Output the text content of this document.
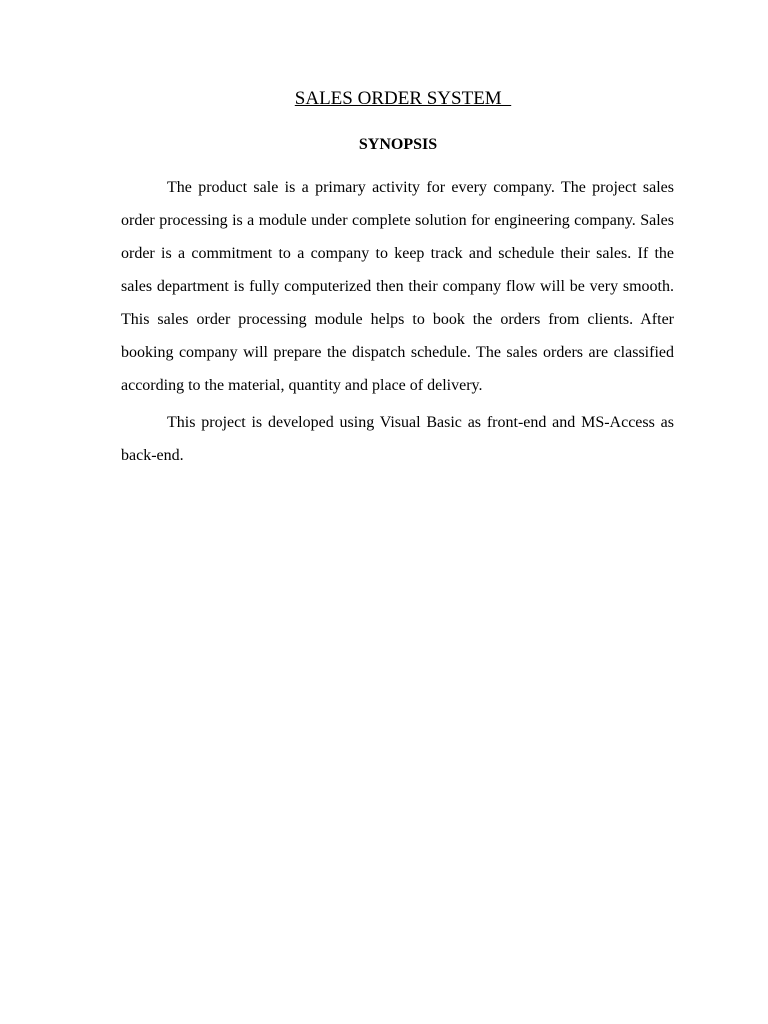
SALES ORDER SYSTEM
SYNOPSIS

The product sale is a primary activity for every company. The project sales order processing is a module under complete solution for engineering company. Sales order is a commitment to a company to keep track and schedule their sales. If the sales department is fully computerized then their company flow will be very smooth. This sales order processing module helps to book the orders from clients. After booking company will prepare the dispatch schedule. The sales orders are classified according to the material, quantity and place of delivery.

This project is developed using Visual Basic as front-end and MS-Access as back-end.
